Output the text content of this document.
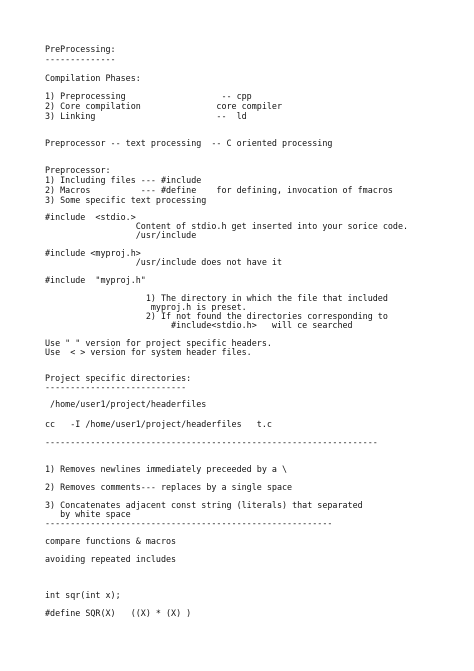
PreProcessing:

--------------

Compilation Phases:

1) Preprocessing                   -- cpp

2) Core compilation               core compiler

3) Linking                        --  ld

Preprocessor -- text processing  -- C oriented processing

Preprocessor:

1) Including files --- #include

2) Macros          --- #define    for defining, invocation of fmacros

3) Some specific text processing

#include  <stdio.>

Content of stdio.h get inserted into your sorice code.

/usr/include

#include <myproj.h>

/usr/include does not have it

#include  "myproj.h"

1) The directory in which the file that included

myproj.h is preset.

2) If not found the directories corresponding to

#include<stdio.h>   will ce searched

Use " " version for project specific headers.

Use  < > version for system header files.

Project specific directories:

----------------------------

/home/user1/project/headerfiles

cc   -I /home/user1/project/headerfiles   t.c

------------------------------------------------------------------

1) Removes newlines immediately preceeded by a \

2) Removes comments--- replaces by a single space

3) Concatenates adjacent const string (literals) that separated

by white space

---------------------------------------------------------

compare functions & macros

avoiding repeated includes

int sqr(int x);

#define SQR(X)   ((X) * (X) )
